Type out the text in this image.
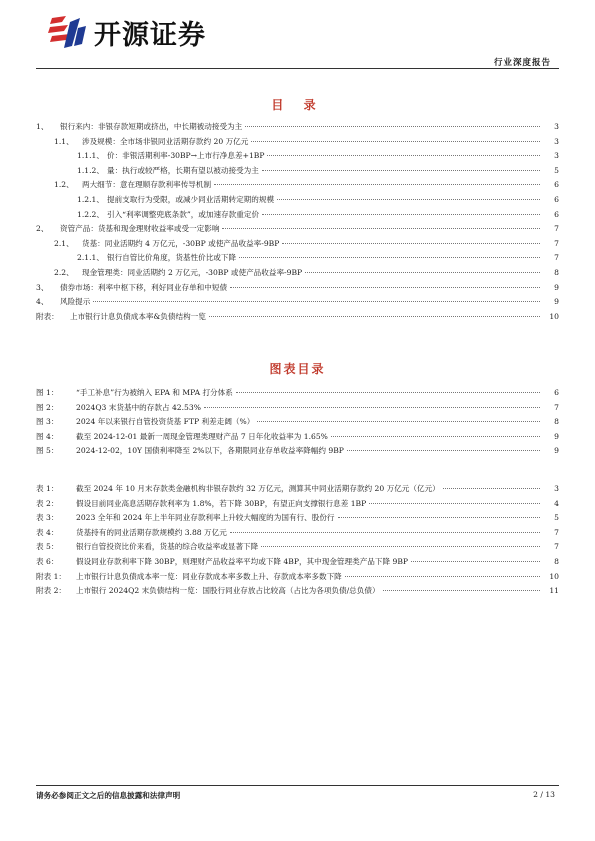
开源证券
行业深度报告
目 录
1、	银行来内：非银存款短期或挤出，中长期被动接受为主	3
1.1、	涉及规模：全市场非银同业活期存款约 20 万亿元	3
1.1.1、 价：非银活期利率-30BP→上市行净息差+1BP	3
1.1.2、 量：执行或较严格，长期有望以被动接受为主	5
1.2、	两大细节：意在理顺存款利率传导机制	6
1.2.1、 提前支取行为受限，或减少同业活期转定期的规模	6
1.2.2、 引入“利率调整兜底条款”，或加速存款重定价	6
2、	资管产品：货基和现金理财收益率或受一定影响	7
2.1、	货基：同业活期约 4 万亿元，-30BP 或使产品收益率-9BP	7
2.1.1、 银行自管比价角度，货基性价比或下降	7
2.2、	现金管理类：同业活期约 2 万亿元，-30BP 或使产品收益率-9BP	8
3、	债券市场：利率中枢下移，利好同业存单和中短债	9
4、	风险提示	9
附表：	上市银行计息负债成本率&负债结构一览	10
图表目录
图 1：	“手工补息”行为被纳入 EPA 和 MPA 打分体系	6
图 2：	2024Q3 末货基中的存款占 42.53%	7
图 3：	2024 年以来银行自管投资货基 FTP 利差走阔（%）	8
图 4：	截至 2024-12-01 最新一周现金管理类理财产品 7 日年化收益率为 1.65%	9
图 5：	2024-12-02，10Y 国债利率降至 2%以下，各期限同业存单收益率降幅约 9BP	9
表 1：	截至 2024 年 10 月末存款类金融机构非银存款约 32 万亿元，测算其中同业活期存款约 20 万亿元（亿元）	3
表 2：	假设目前同业高息活期存款利率为 1.8%，若下降 30BP，有望正向支撑银行息差 1BP	4
表 3：	2023 全年和 2024 年上半年同业存款利率上升较大幅度的为国有行、股份行	5
表 4：	货基持有的同业活期存款规模约 3.88 万亿元	7
表 5：	银行自管投资比价来看，货基的综合收益率或显著下降	7
表 6：	假设同业存款利率下降 30BP，则理财产品收益率平均或下降 4BP，其中现金管理类产品下降 9BP	8
附表 1：	上市银行计息负债成本率一览：同业存款成本率多数上升、存款成本率多数下降	10
附表 2：	上市银行 2024Q2 末负债结构一览：国股行同业存放占比较高（占比为各项负债/总负债）	11
请务必参阅正文之后的信息披露和法律声明	2 / 13
